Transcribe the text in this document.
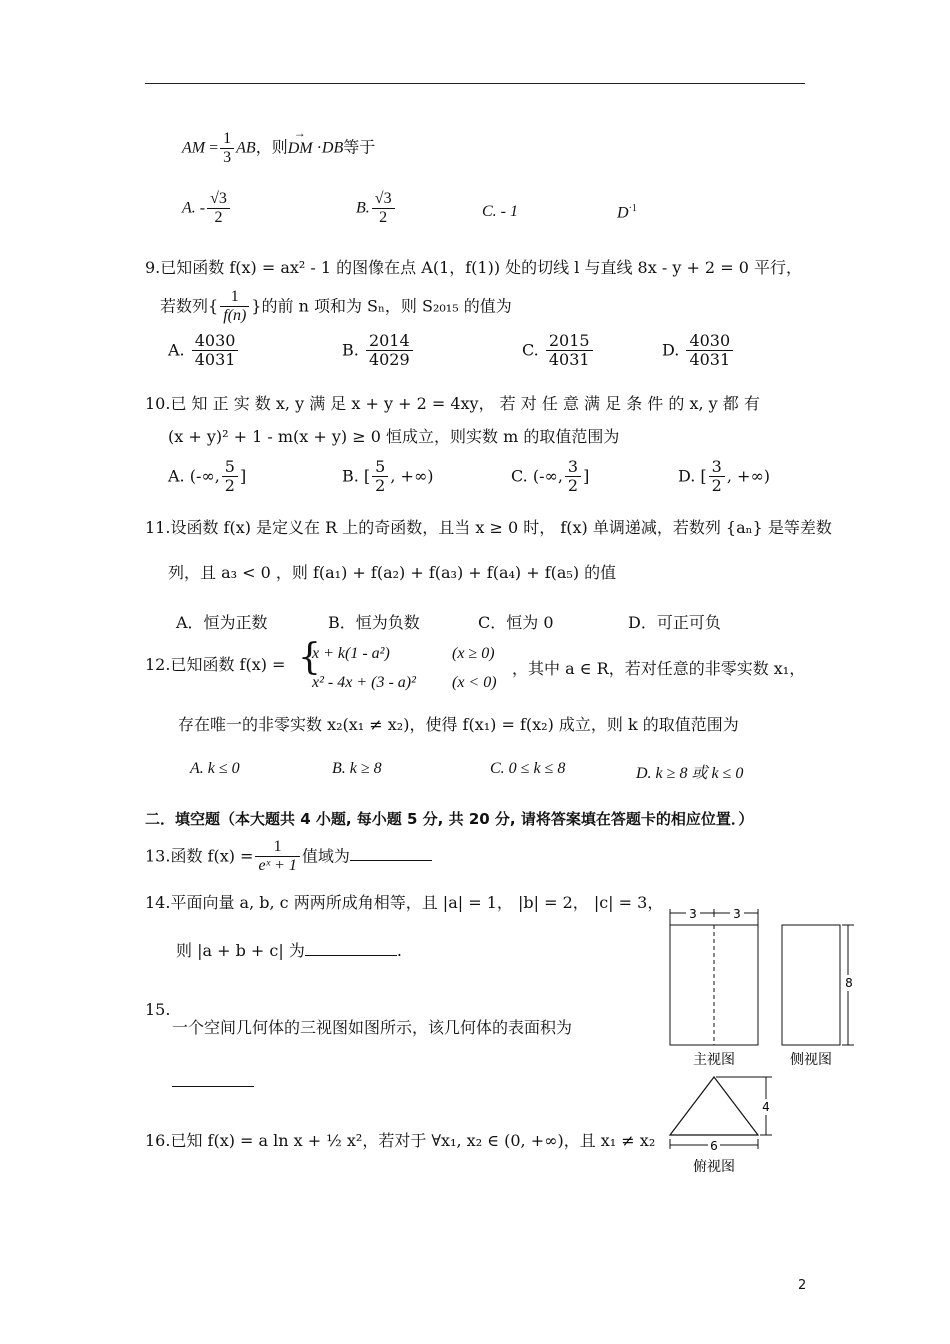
AM = $\frac{1}{3}$ AB，则DM
→
·DB等于
A. - $\frac{√3}{2}$	B. $\frac{√3}{2}$	C. - 1	$D^{\cdot 1}$
9.已知函数 f(x) = ax² - 1 的图像在点 A(1，f(1)) 处的切线 l 与直线 8x - y + 2 = 0 平行，
若数列{ $\frac{1}{f(n)}$ }的前 n 项和为 Sₙ，则 S₂₀₁₅ 的值为
A. $\frac{4030}{4031}$	B. $\frac{2014}{4029}$	C. $\frac{2015}{4031}$	D. $\frac{4030}{4031}$
10.已 知 正 实 数 x, y 满 足 x + y + 2 = 4xy， 若 对 任 意 满 足 条 件 的 x, y 都 有
(x + y)² + 1 - m(x + y) ≥ 0 恒成立，则实数 m 的取值范围为
A. (-∞, $\frac{5}{2}$ ]	B. [ $\frac{5}{2}$ , +∞)	C. (-∞, $\frac{3}{2}$ ]	D. [ $\frac{3}{2}$ , +∞)
11.设函数 f(x) 是定义在 R 上的奇函数，且当 x ≥ 0 时， f(x) 单调递减，若数列 {aₙ} 是等差数
列，且 a₃ < 0 ，则 f(a₁) + f(a₂) + f(a₃) + f(a₄) + f(a₅) 的值
A．恒为正数	B．恒为负数	C．恒为 0	D．可正可负
12.已知函数 f(x) = {
x + k(1 - a²)	(x ≥ 0)
x² - 4x + (3 - a)² (x < 0)
，其中 a ∈ R，若对任意的非零实数 x₁，
存在唯一的非零实数 x₂(x₁ ≠ x₂)，使得 f(x₁) = f(x₂) 成立，则 k 的取值范围为
A. k ≤ 0	B. k ≥ 8	C. 0 ≤ k ≤ 8	D. k ≥ 8 或 k ≤ 0
二．填空题（本大题共 4 小题, 每小题 5 分, 共 20 分, 请将答案填在答题卡的相应位置．）
13.函数 $f(x) = \frac{1}{\text{eˣ + 1}}$ 值域为
14.平面向量 a, b, c 两两所成角相等，且 |a| = 1， |b| = 2， |c| = 3，
则 |a + b + c| 为	.
15.
一个空间几何体的三视图如图所示，该几何体的表面积为
16.已知 f(x) = a ln x + ½ x²，若对于 ∀x₁, x₂ ∈ (0, +∞)，且 x₁ ≠ x₂
3	3
主视图
8
侧视图
4
6
俯视图
2
